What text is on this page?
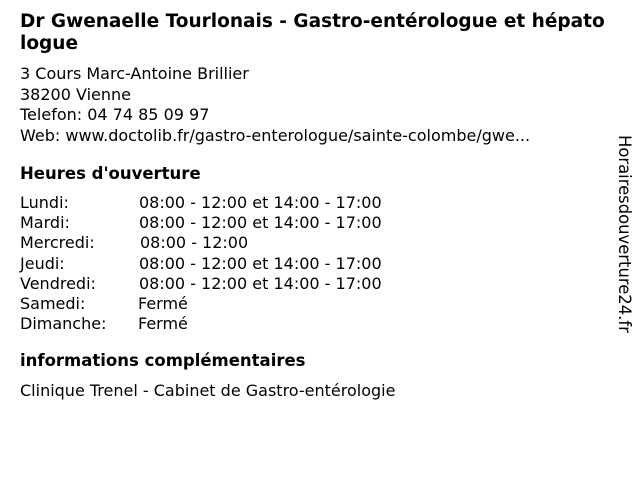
Dr Gwenaelle Tourlonais - Gastro-entérologue et hépatologue
3 Cours Marc-Antoine Brillier
38200 Vienne
Telefon: 04 74 85 09 97
Web: www.doctolib.fr/gastro-enterologue/sainte-colombe/gwe...
Heures d'ouverture
Lundi:	08:00 - 12:00 et 14:00 - 17:00
Mardi:	08:00 - 12:00 et 14:00 - 17:00
Mercredi:	08:00 - 12:00
Jeudi:	08:00 - 12:00 et 14:00 - 17:00
Vendredi:	08:00 - 12:00 et 14:00 - 17:00
Samedi:	Fermé
Dimanche: Fermé
informations complémentaires
Clinique Trenel - Cabinet de Gastro-entérologie
Horairesdouverture24.fr
